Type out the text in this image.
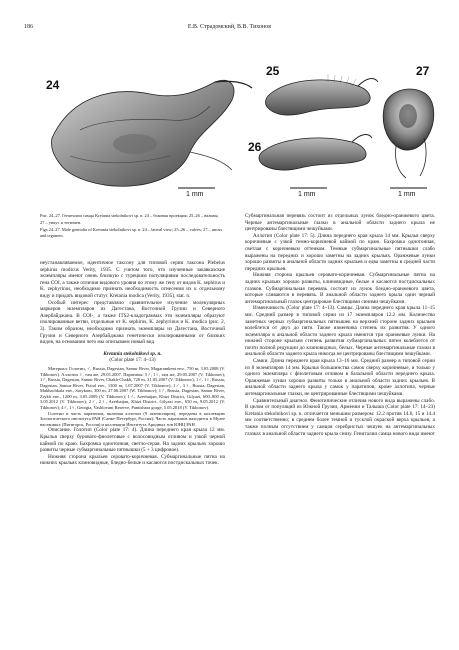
186	Е.В. Стрaдомский, В.В. Тихонов
24
25
26
27
1 mm	1 mm	1 mm

Рис. 24–27. Гениталии самца Kretania stekolnikovi sp. n. 24 – боковая проекция; 25–26 – вальвы; 27 – ункус и тегюмен.

Figs 24–27. Male genitalia of Kretania stekolnikovi sp. n. 24 – lateral view; 25–26 – valves; 27 – uncus and tegumen.

неустанавливаемое, идентичное таксону для типовой серии таксона Plebeius sephirus modicus Verity, 1935. С учетом того, что изученные закавказские экземпляры имеют очень близкую с турецким популяциями последовательность гена COI, а также отличия видового уровня по этому же гену от видов K. sephirus и K. zephyrinus, необходимо признать необходимость отнесения их к отдельному виду и придать видовой статус Kretania modica (Verity, 1935), stat. n.

Особый интерес представляло сравнительное изучение молекулярных маркеров экземпляров из Дагестана, Восточной Грузии и Северного Азербайджана. В COI-, а также ITS2-кладограммах эти экземпляры образуют изолированные ветви, отдельные от K. sephirus, K. zephyrinus и K. modica (рис. 2, 3). Таким образом, необходимо признать экземпляры из Дагестана, Восточной Грузии и Северного Азербайджана генетически изолированными от близких видов, на основании чего мы описываем новый вид.

Kretania stekolnikovi sp. n.

(Color plate 17: 4–13)

Материал. Голотип, ♂, Russia, Dagestan, Samur River, Magaramkent env., 750 m, 3.05.2008 (V. Tikhonov). Аллотип ♀, там же, 29.05.2007. Паратипы: 5♂, 1♀, там же, 29.05.2007 (V. Tikhonov); 1♂, Russia, Dagestan, Samur River, Chakh-Chakh, 720 m, 31.05.2007 (V. Tikhonov); 1♂, 1♀, Russia, Dagestan, Samur River, Fiziul env., 1300 m, 1.07.2007 (V. Tikhonov); 1♂, 3♀, Russia, Dagestan, Makhachkala env., Sarykum, 300 m, 27.06.2007 (W. Tikhonov); 1♂, Russia, Dagestan, Samur River, Zrykh env., 1200 m, 3.05.2009 (V. Tikhonov); 1♂, Azerbaijan, Khizi District, Gilyazi, 600–800 m, 3.05.2012 (V. Tikhonov); 2♂, 2♀, Azerbaijan, Khizi District, Gilyazi env., 650 m, 9.05.2012 (V. Tikhonov); 4♂, 1♀, Georgia, Vashlovani Reserve, Pantishara gorge, 5.05.2018 (V. Tikhonov).

Голотип и часть паратипов, включая аллотип (9 экземпляров), переданы в коллекцию Зоологического института РАН (Санкт-Петербург, Россия). Часть паратипов находится в Музее насекомых (Пятигорск, Россия) и коллекции Института Аридных зон ЮНЦ РАН.

Описание. Голотип (Color plate 17: 4). Длина переднего края крыла 12 мм. Крылья сверху буровато-фиолетовые с волосовидным отливом и узкой черной каймой по краю. Бахромка однотонная, светло-серая. На задних крыльях хорошо развиты черные субмаргинальные пятнышки (5 + 3 цифровое).

Нижняя сторона крыльев серовато-коричневая. Субмаргинальные пятна на нижних крыльях клиновидные, бледно-белые и касаются постдискальных точек.

Субмаргинальная перевязь состоит из отдельных лунок бледно-оранжевого цвета. Черные антемаргинальные глазки в анальной области заднего крыла не центрированы блестящими чешуйками.

Аллотип (Color plate 17: 5). Длина переднего края крыла 14 мм. Крылья сверху коричневые с узкой темно-коричневой каймой по краю. Бахромка однотонная, светлая с коричневым оттенком. Темные субмаргинальные пятнышки слабо выражены на передних и хорошо заметны на задних крыльях. Оранжевые лунки хорошо развиты в анальной области задних крыльев и едва заметны в средней части передних крыльев.

Нижняя сторона крыльев серовато-коричневая. Субмаргинальные пятна на задних крыльях хорошо развиты, клиновидные, белые и касаются постдискальных глазков. Субмаргинальная перевязь состоит из лунок бледно-оранжевого цвета, которые сливаются в перевязь. В анальной области заднего крыла один черный антемаргинальный глазок центрирован блестящими синими чешуйками.

Изменчивость (Color plate 17: 4–13). Самцы. Длина переднего края крыла 11–15 мм. Средний размер в типовой серии из 17 экземпляров 12.2 мм. Количество заметных черных субмаргинальных пятнышек на верхней стороне задних крыльев колеблется от двух до пяти. Также изменчива степень их развития. У одного экземпляра в анальной области заднего крыла имеются три оранжевые лунки. На нижней стороне крыльев степень развития субмаргинальных пятен колеблется от почти полной редукции до клиновидных, белых. Черные антемаргинальные глазки в анальной области заднего крыла никогда не центрированы блестящими чешуйками.

Самки. Длина переднего края крыла 13–16 мм. Средний размер в типовой серии из 8 экземпляров 14 мм. Крылья большинства самок сверху коричневые, и только у одного экземпляра с фиолетовым отливом в базальной области переднего крыла. Оранжевые лунки хорошо развиты только в анальной области задних крыльев. В анальной области заднего крыла у самок у паратипов, кроме аллотипа, черные антемаргинальные глазки, не центрированные блестящими чешуйками.

Сравнительный диагноз. Фенотипические отличия нового вида выражены слабо. В целом от популяций из Южной Грузии, Армении и Талыша (Color plate 17: 14–23) Kretania stekolnikovi sp. n. отличается меньшим размером: 12.2 против 14.6, 15 и 14.4 мм соответственно; в среднем более темной и тусклой окраской верха крыльев, а также полным отсутствием у самцов серебристых чешуек на антемаргинальных глазках в анальной области заднего крыла снизу. Гениталии самца нового вида имеют
